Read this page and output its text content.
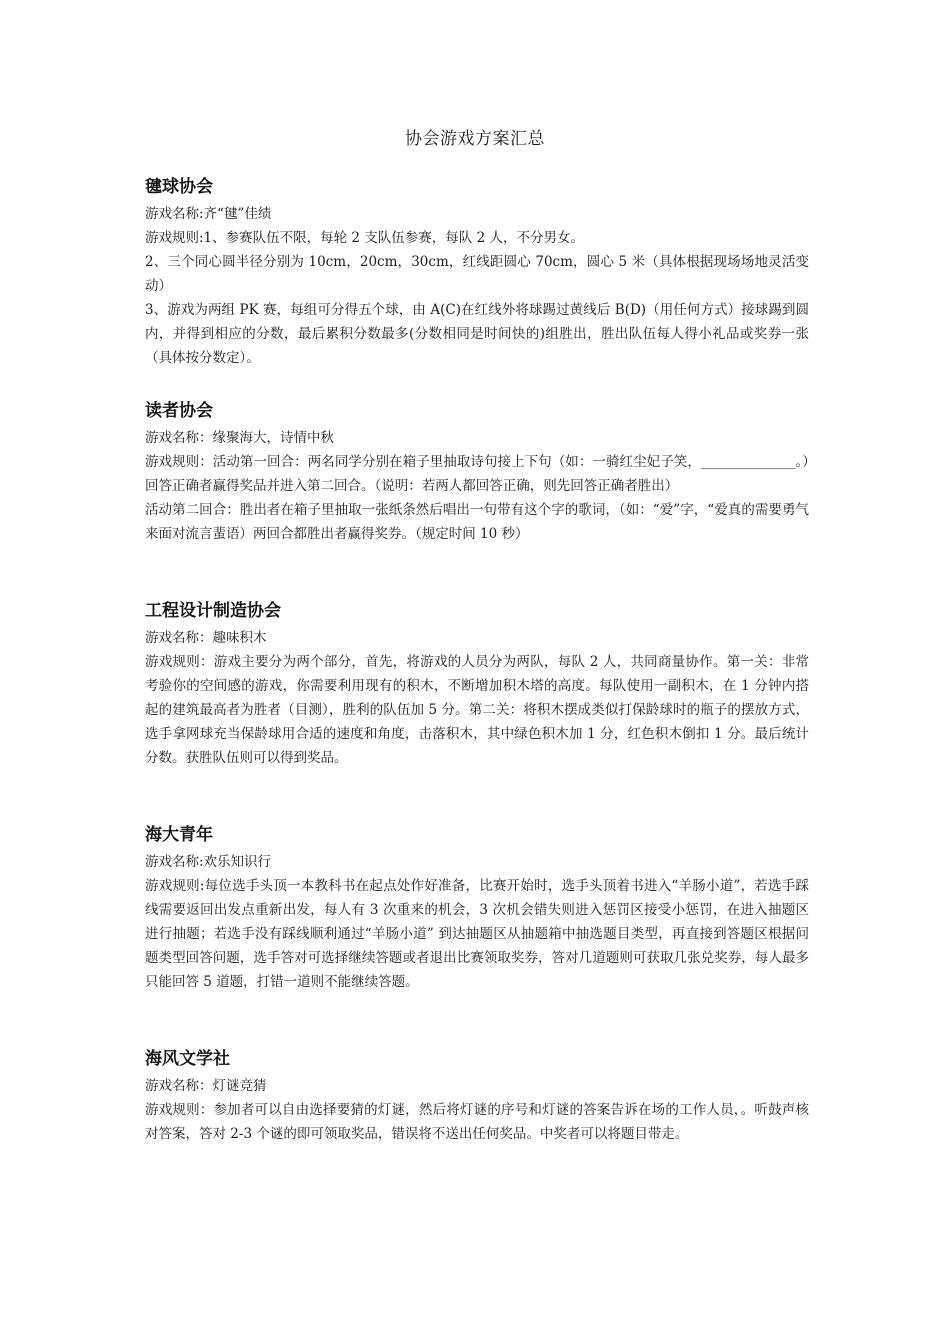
协会游戏方案汇总
毽球协会

游戏名称:齐“毽”佳绩

游戏规则:1、参赛队伍不限，每轮 2 支队伍参赛，每队 2 人，不分男女。

2、三个同心圆半径分别为 10cm，20cm，30cm，红线距圆心 70cm，圆心 5 米（具体根据现场场地灵活变动）

3、游戏为两组 PK 赛，每组可分得五个球，由 A(C)在红线外将球踢过黄线后 B(D)（用任何方式）接球踢到圆内，并得到相应的分数，最后累积分数最多(分数相同是时间快的)组胜出，胜出队伍每人得小礼品或奖券一张（具体按分数定）。

读者协会

游戏名称：缘聚海大，诗情中秋

游戏规则：活动第一回合：两名同学分别在箱子里抽取诗句接上下句（如：一骑红尘妃子笑，______________。）回答正确者赢得奖品并进入第二回合。（说明：若两人都回答正确，则先回答正确者胜出）

活动第二回合：胜出者在箱子里抽取一张纸条然后唱出一句带有这个字的歌词，（如：“爱”字，“爱真的需要勇气来面对流言蜚语）两回合都胜出者赢得奖券。（规定时间 10 秒）

工程设计制造协会

游戏名称：趣味积木

游戏规则：游戏主要分为两个部分，首先，将游戏的人员分为两队，每队 2 人，共同商量协作。第一关：非常考验你的空间感的游戏，你需要利用现有的积木，不断增加积木塔的高度。每队使用一副积木，在 1 分钟内搭起的建筑最高者为胜者（目测），胜利的队伍加 5 分。第二关：将积木摆成类似打保龄球时的瓶子的摆放方式，选手拿网球充当保龄球用合适的速度和角度，击落积木，其中绿色积木加 1 分，红色积木倒扣 1 分。最后统计分数。获胜队伍则可以得到奖品。

海大青年

游戏名称:欢乐知识行

游戏规则:每位选手头顶一本教科书在起点处作好准备，比赛开始时，选手头顶着书进入“羊肠小道”，若选手踩线需要返回出发点重新出发，每人有 3 次重来的机会，3 次机会错失则进入惩罚区接受小惩罚，在进入抽题区进行抽题；若选手没有踩线顺利通过“羊肠小道” 到达抽题区从抽题箱中抽选题目类型，再直接到答题区根据问题类型回答问题，选手答对可选择继续答题或者退出比赛领取奖券，答对几道题则可获取几张兑奖券，每人最多只能回答 5 道题，打错一道则不能继续答题。

海风文学社

游戏名称：灯谜竞猜

游戏规则：参加者可以自由选择要猜的灯谜，然后将灯谜的序号和灯谜的答案告诉在场的工作人员，。听鼓声核对答案，答对 2-3 个谜的即可领取奖品，错误将不送出任何奖品。中奖者可以将题目带走。
